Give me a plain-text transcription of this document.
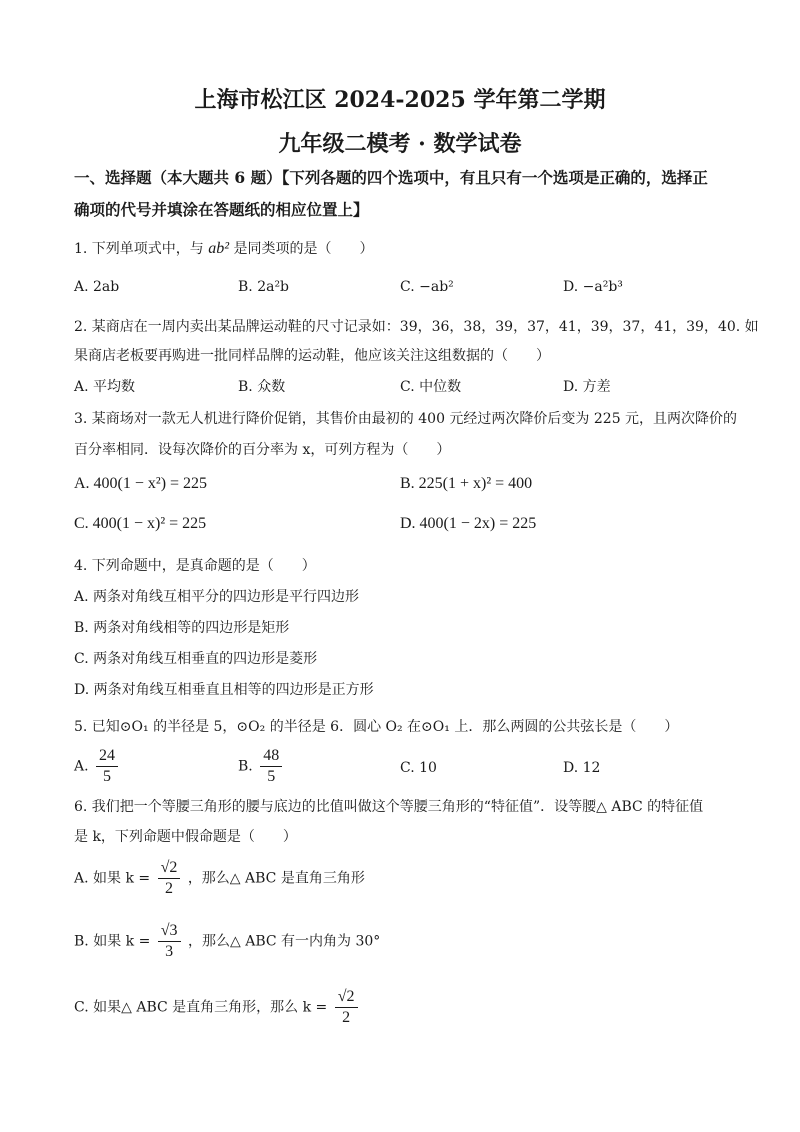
上海市松江区 2024-2025 学年第二学期
九年级二模考 · 数学试卷
一、选择题（本大题共 6 题）【下列各题的四个选项中，有且只有一个选项是正确的，选择正
确项的代号并填涂在答题纸的相应位置上】
1. 下列单项式中，与 ab² 是同类项的是（　　）
A. 2ab	B. 2a²b	C. −ab²	D. −a²b³
2. 某商店在一周内卖出某品牌运动鞋的尺寸记录如：39，36，38，39，37，41，39，37，41，39，40. 如
果商店老板要再购进一批同样品牌的运动鞋，他应该关注这组数据的（　　）
A. 平均数	B. 众数	C. 中位数	D. 方差
3. 某商场对一款无人机进行降价促销，其售价由最初的 400 元经过两次降价后变为 225 元，且两次降价的
百分率相同．设每次降价的百分率为 x，可列方程为（　　）
A. 400(1 − x²) = 225	B. 225(1 + x)² = 400
C. 400(1 − x)² = 225	D. 400(1 − 2x) = 225
4. 下列命题中，是真命题的是（　　）
A. 两条对角线互相平分的四边形是平行四边形
B. 两条对角线相等的四边形是矩形
C. 两条对角线互相垂直的四边形是菱形
D. 两条对角线互相垂直且相等的四边形是正方形
5. 已知⊙O₁ 的半径是 5，⊙O₂ 的半径是 6．圆心 O₂ 在⊙O₁ 上．那么两圆的公共弦长是（　　）
A. $\frac{24}{5}$	B. $\frac{48}{5}$	C. 10	D. 12
6. 我们把一个等腰三角形的腰与底边的比值叫做这个等腰三角形的“特征值”．设等腰△ ABC 的特征值
是 k，下列命题中假命题是（　　）
A. 如果 $k = \frac{√2}{2}$ ，那么△ ABC 是直角三角形
B. 如果 $k = \frac{√3}{3}$ ，那么△ ABC 有一内角为 30°
C. 如果△ ABC 是直角三角形，那么 $k = \frac{√2}{2}$
